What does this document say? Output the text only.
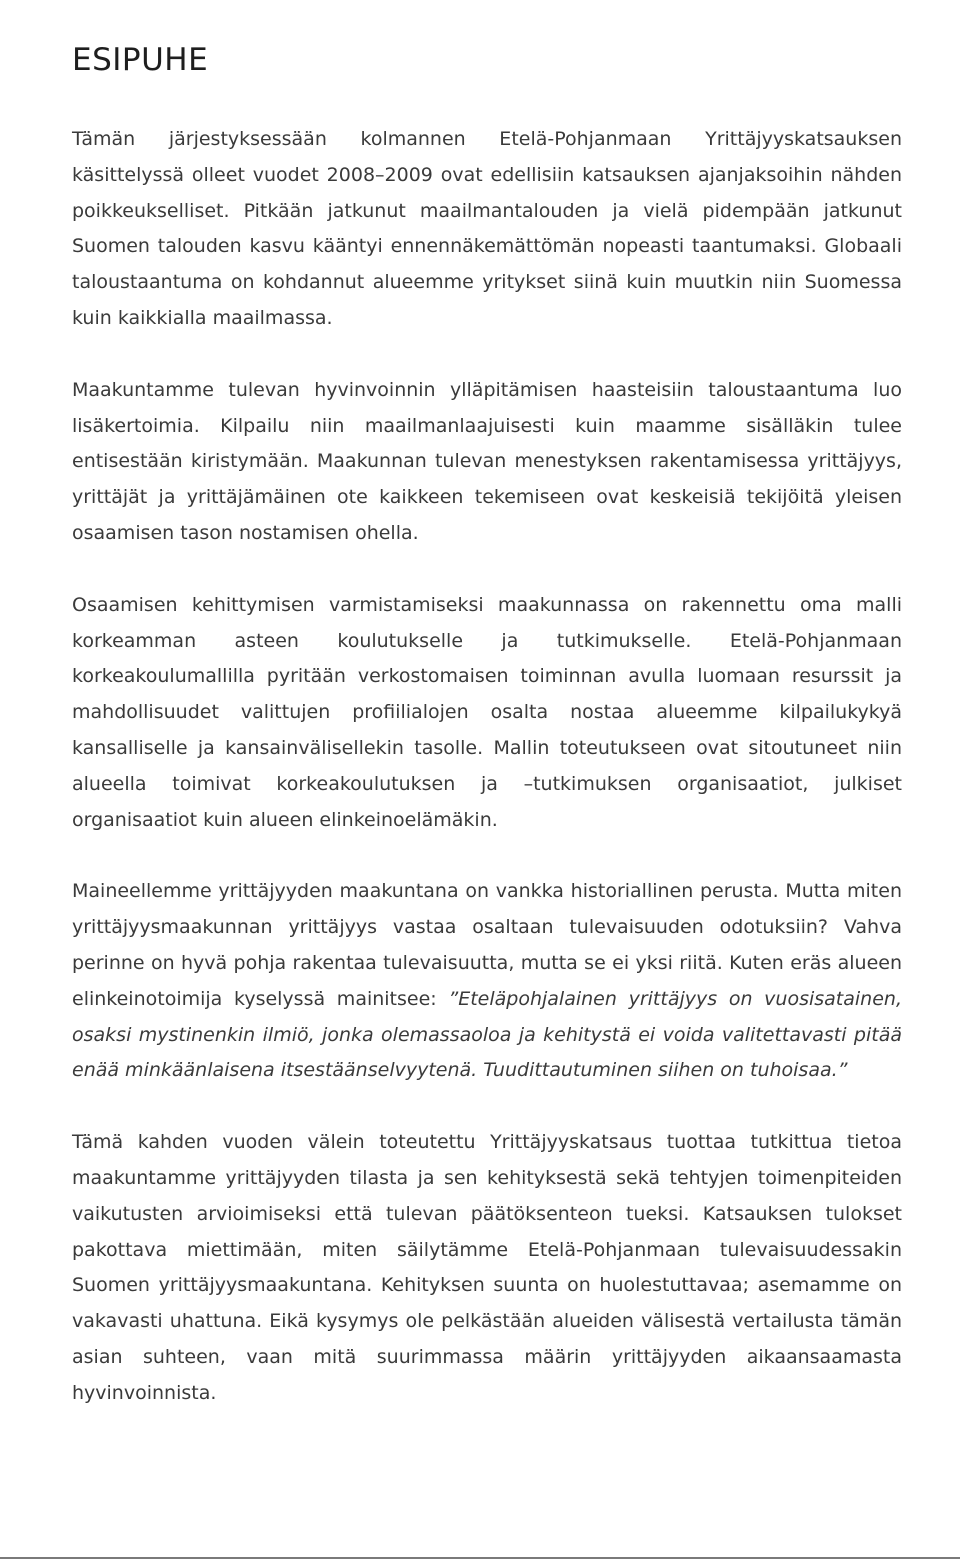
ESIPUHE

Tämän järjestyksessään kolmannen Etelä-Pohjanmaan Yrittäjyyskatsauksen käsittelyssä olleet vuodet 2008–2009 ovat edellisiin katsauksen ajanjaksoihin nähden poikkeukselliset. Pitkään jatkunut maailmantalouden ja vielä pidempään jatkunut Suomen talouden kasvu kääntyi ennennäkemättömän nopeasti taantumaksi. Globaali taloustaantuma on kohdannut alueemme yritykset siinä kuin muutkin niin Suomessa kuin kaikkialla maailmassa.

Maakuntamme tulevan hyvinvoinnin ylläpitämisen haasteisiin taloustaantuma luo lisäkertoimia. Kilpailu niin maailmanlaajuisesti kuin maamme sisälläkin tulee entisestään kiristymään. Maakunnan tulevan menestyksen rakentamisessa yrittäjyys, yrittäjät ja yrittäjämäinen ote kaikkeen tekemiseen ovat keskeisiä tekijöitä yleisen osaamisen tason nostamisen ohella.

Osaamisen kehittymisen varmistamiseksi maakunnassa on rakennettu oma malli korkeamman asteen koulutukselle ja tutkimukselle. Etelä-Pohjanmaan korkeakoulumallilla pyritään verkostomaisen toiminnan avulla luomaan resurssit ja mahdollisuudet valittujen profiilialojen osalta nostaa alueemme kilpailukykyä kansalliselle ja kansainvälisellekin tasolle. Mallin toteutukseen ovat sitoutuneet niin alueella toimivat korkeakoulutuksen ja –tutkimuksen organisaatiot, julkiset organisaatiot kuin alueen elinkeinoelämäkin.

Maineellemme yrittäjyyden maakuntana on vankka historiallinen perusta. Mutta miten yrittäjyysmaakunnan yrittäjyys vastaa osaltaan tulevaisuuden odotuksiin? Vahva perinne on hyvä pohja rakentaa tulevaisuutta, mutta se ei yksi riitä. Kuten eräs alueen elinkeinotoimija kyselyssä mainitsee: ”Eteläpohjalainen yrittäjyys on vuosisatainen, osaksi mystinenkin ilmiö, jonka olemassaoloa ja kehitystä ei voida valitettavasti pitää enää minkäänlaisena itsestäänselvyytenä. Tuudittautuminen siihen on tuhoisaa.”

Tämä kahden vuoden välein toteutettu Yrittäjyyskatsaus tuottaa tutkittua tietoa maakuntamme yrittäjyyden tilasta ja sen kehityksestä sekä tehtyjen toimenpiteiden vaikutusten arvioimiseksi että tulevan päätöksenteon tueksi. Katsauksen tulokset pakottava miettimään, miten säilytämme Etelä-Pohjanmaan tulevaisuudessakin Suomen yrittäjyysmaakuntana. Kehityksen suunta on huolestuttavaa; asemamme on vakavasti uhattuna. Eikä kysymys ole pelkästään alueiden välisestä vertailusta tämän asian suhteen, vaan mitä suurimmassa määrin yrittäjyyden aikaansaamasta hyvinvoinnista.
